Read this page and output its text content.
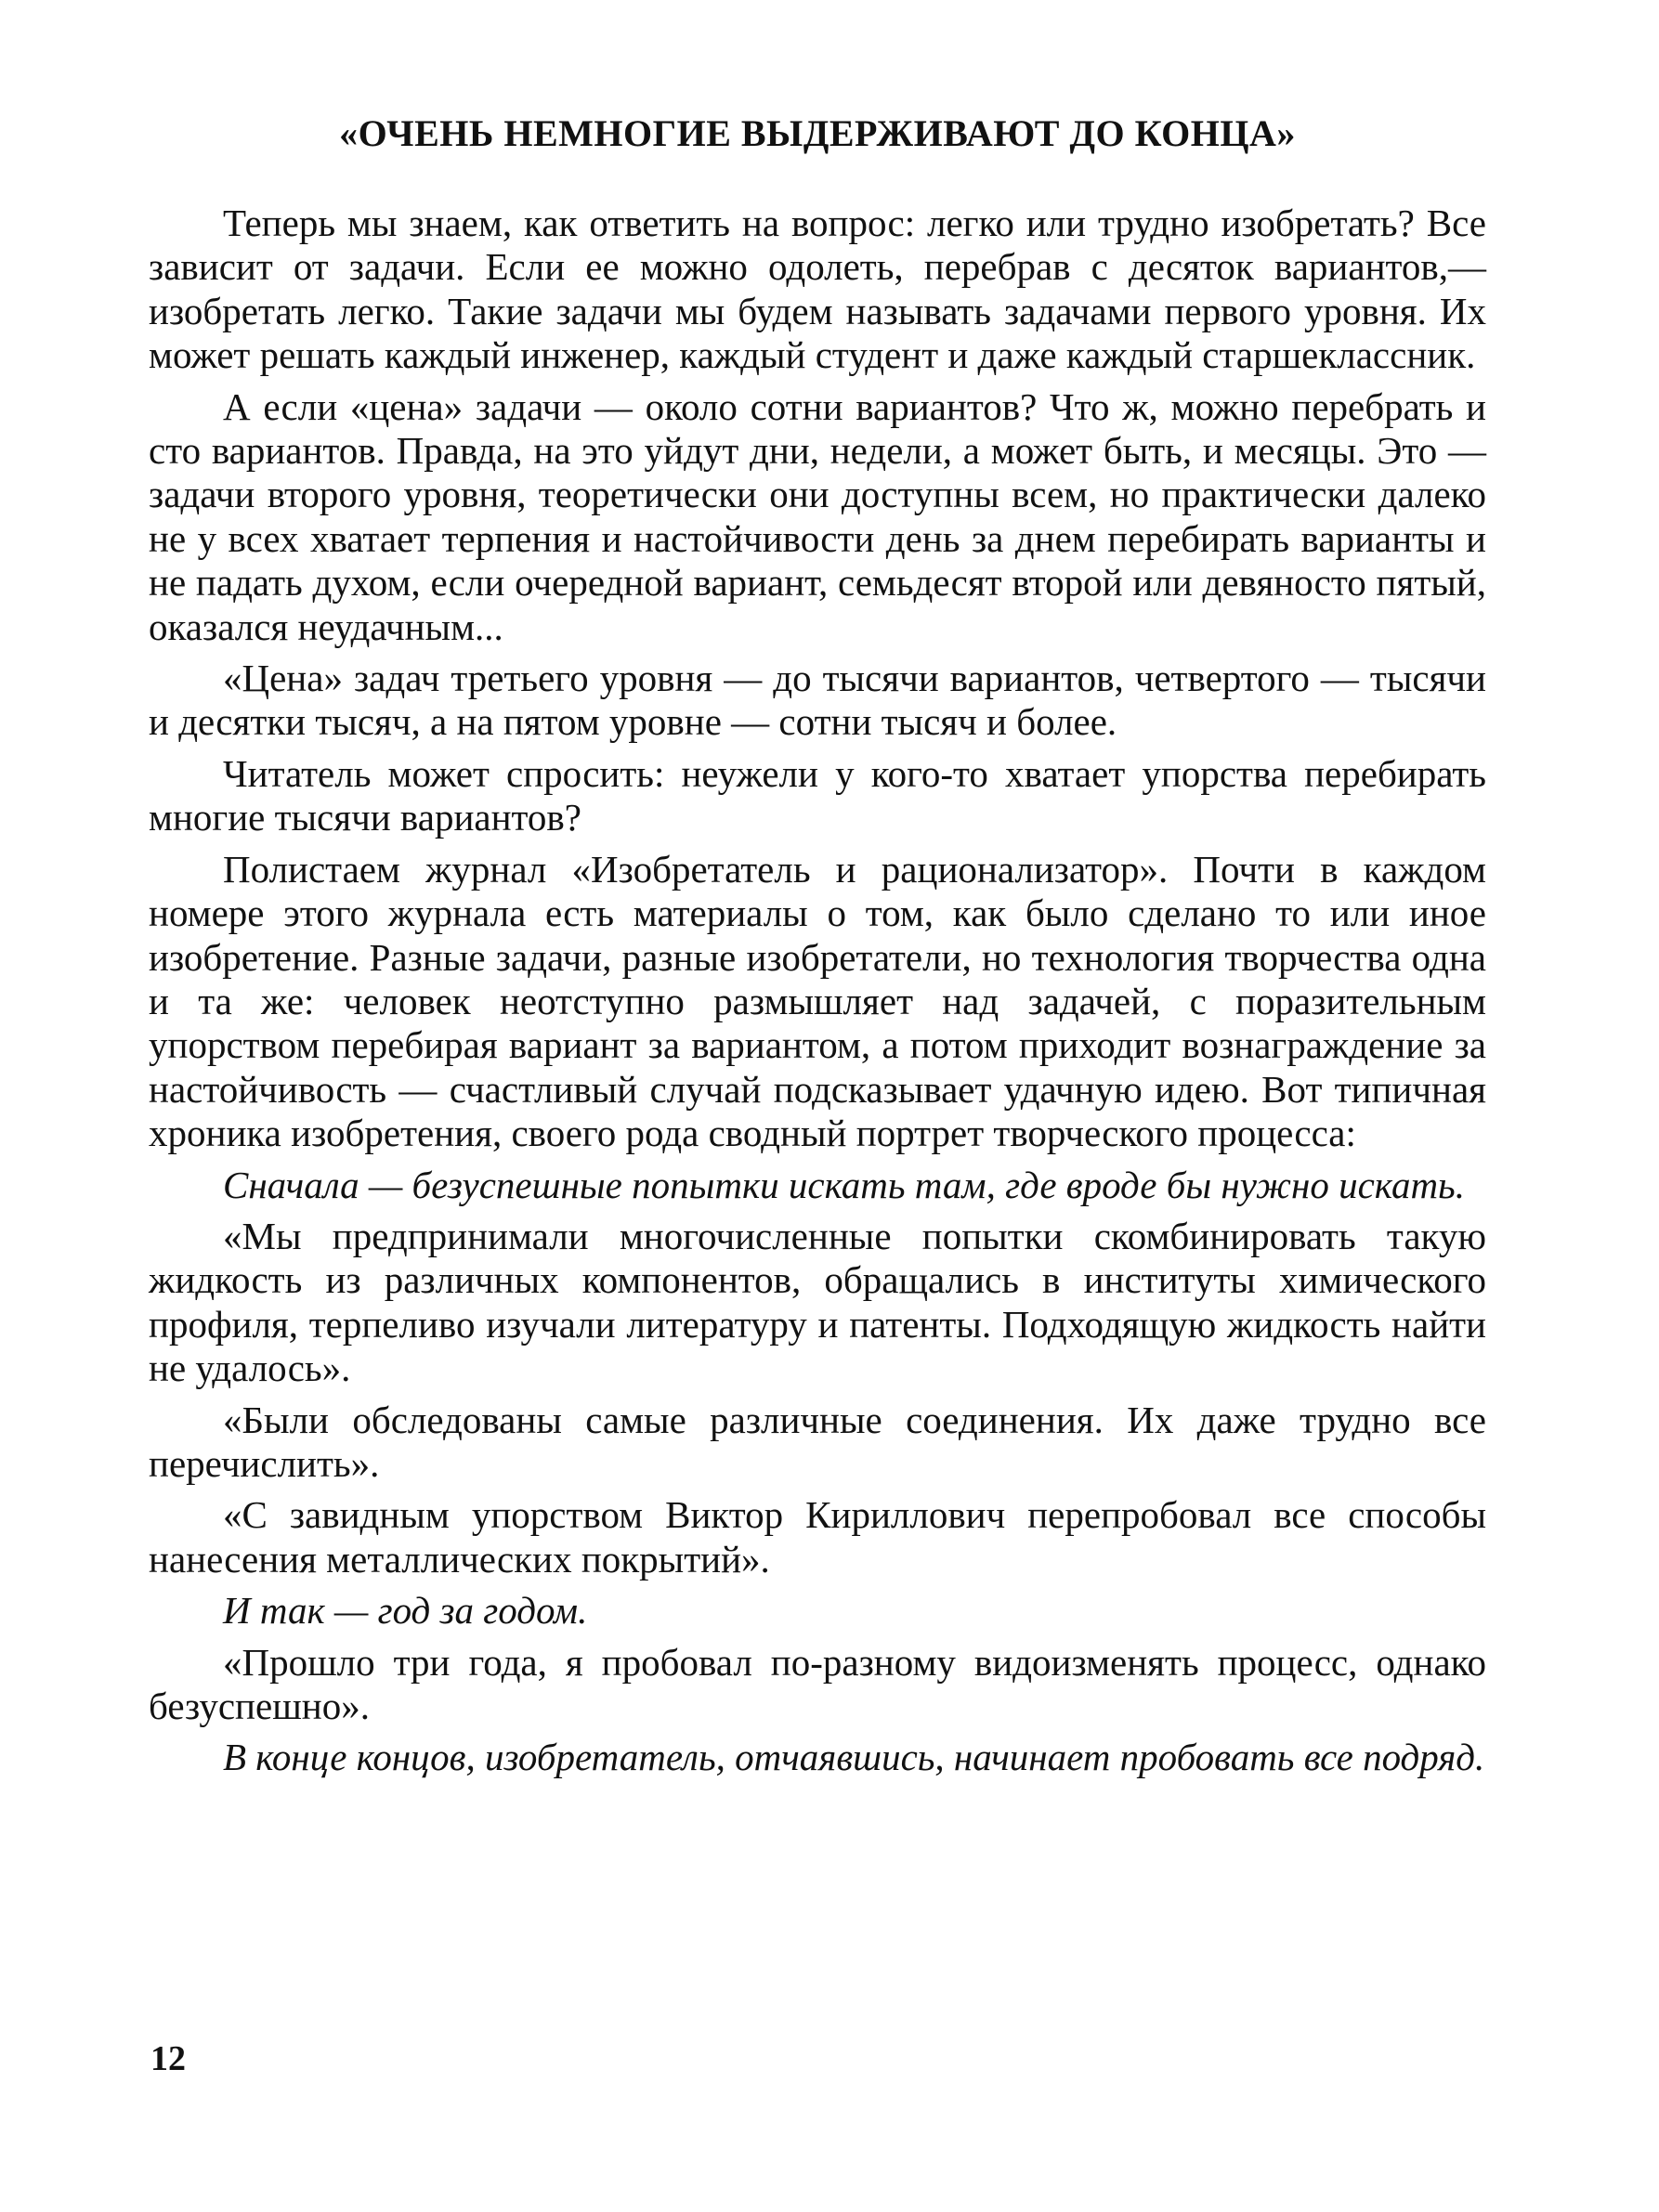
«ОЧЕНЬ НЕМНОГИЕ ВЫДЕРЖИВАЮТ ДО КОНЦА»

Теперь мы знаем, как ответить на вопрос: легко или трудно изобретать? Все зависит от задачи. Если ее можно одолеть, перебрав с десяток вариантов,— изобретать легко. Такие задачи мы будем называть задачами первого уровня. Их может решать каждый инженер, каждый студент и даже каждый старшеклассник.

А если «цена» задачи — около сотни вариантов? Что ж, можно перебрать и сто вариантов. Правда, на это уйдут дни, недели, а может быть, и месяцы. Это — задачи второго уровня, теоретически они доступны всем, но практически далеко не у всех хватает терпения и настойчивости день за днем перебирать варианты и не падать духом, если очередной вариант, семьдесят второй или девяносто пятый, оказался неудачным...

«Цена» задач третьего уровня — до тысячи вариантов, четвертого — тысячи и десятки тысяч, а на пятом уровне — сотни тысяч и более.

Читатель может спросить: неужели у кого-то хватает упорства перебирать многие тысячи вариантов?

Полистаем журнал «Изобретатель и рационализатор». Почти в каждом номере этого журнала есть материалы о том, как было сделано то или иное изобретение. Разные задачи, разные изобретатели, но технология творчества одна и та же: человек неотступно размышляет над задачей, с поразительным упорством перебирая вариант за вариантом, а потом приходит вознаграждение за настойчивость — счастливый случай подсказывает удачную идею. Вот типичная хроника изобретения, своего рода сводный портрет творческого процесса:

Сначала — безуспешные попытки искать там, где вроде бы нужно искать.

«Мы предпринимали многочисленные попытки скомбинировать такую жидкость из различных компонентов, обращались в институты химического профиля, терпеливо изучали литературу и патенты. Подходящую жидкость найти не удалось».

«Были обследованы самые различные соединения. Их даже трудно все перечислить».

«С завидным упорством Виктор Кириллович перепробовал все способы нанесения металлических покрытий».

И так — год за годом.

«Прошло три года, я пробовал по-разному видоизменять процесс, однако безуспешно».

В конце концов, изобретатель, отчаявшись, начинает пробовать все подряд.

12
